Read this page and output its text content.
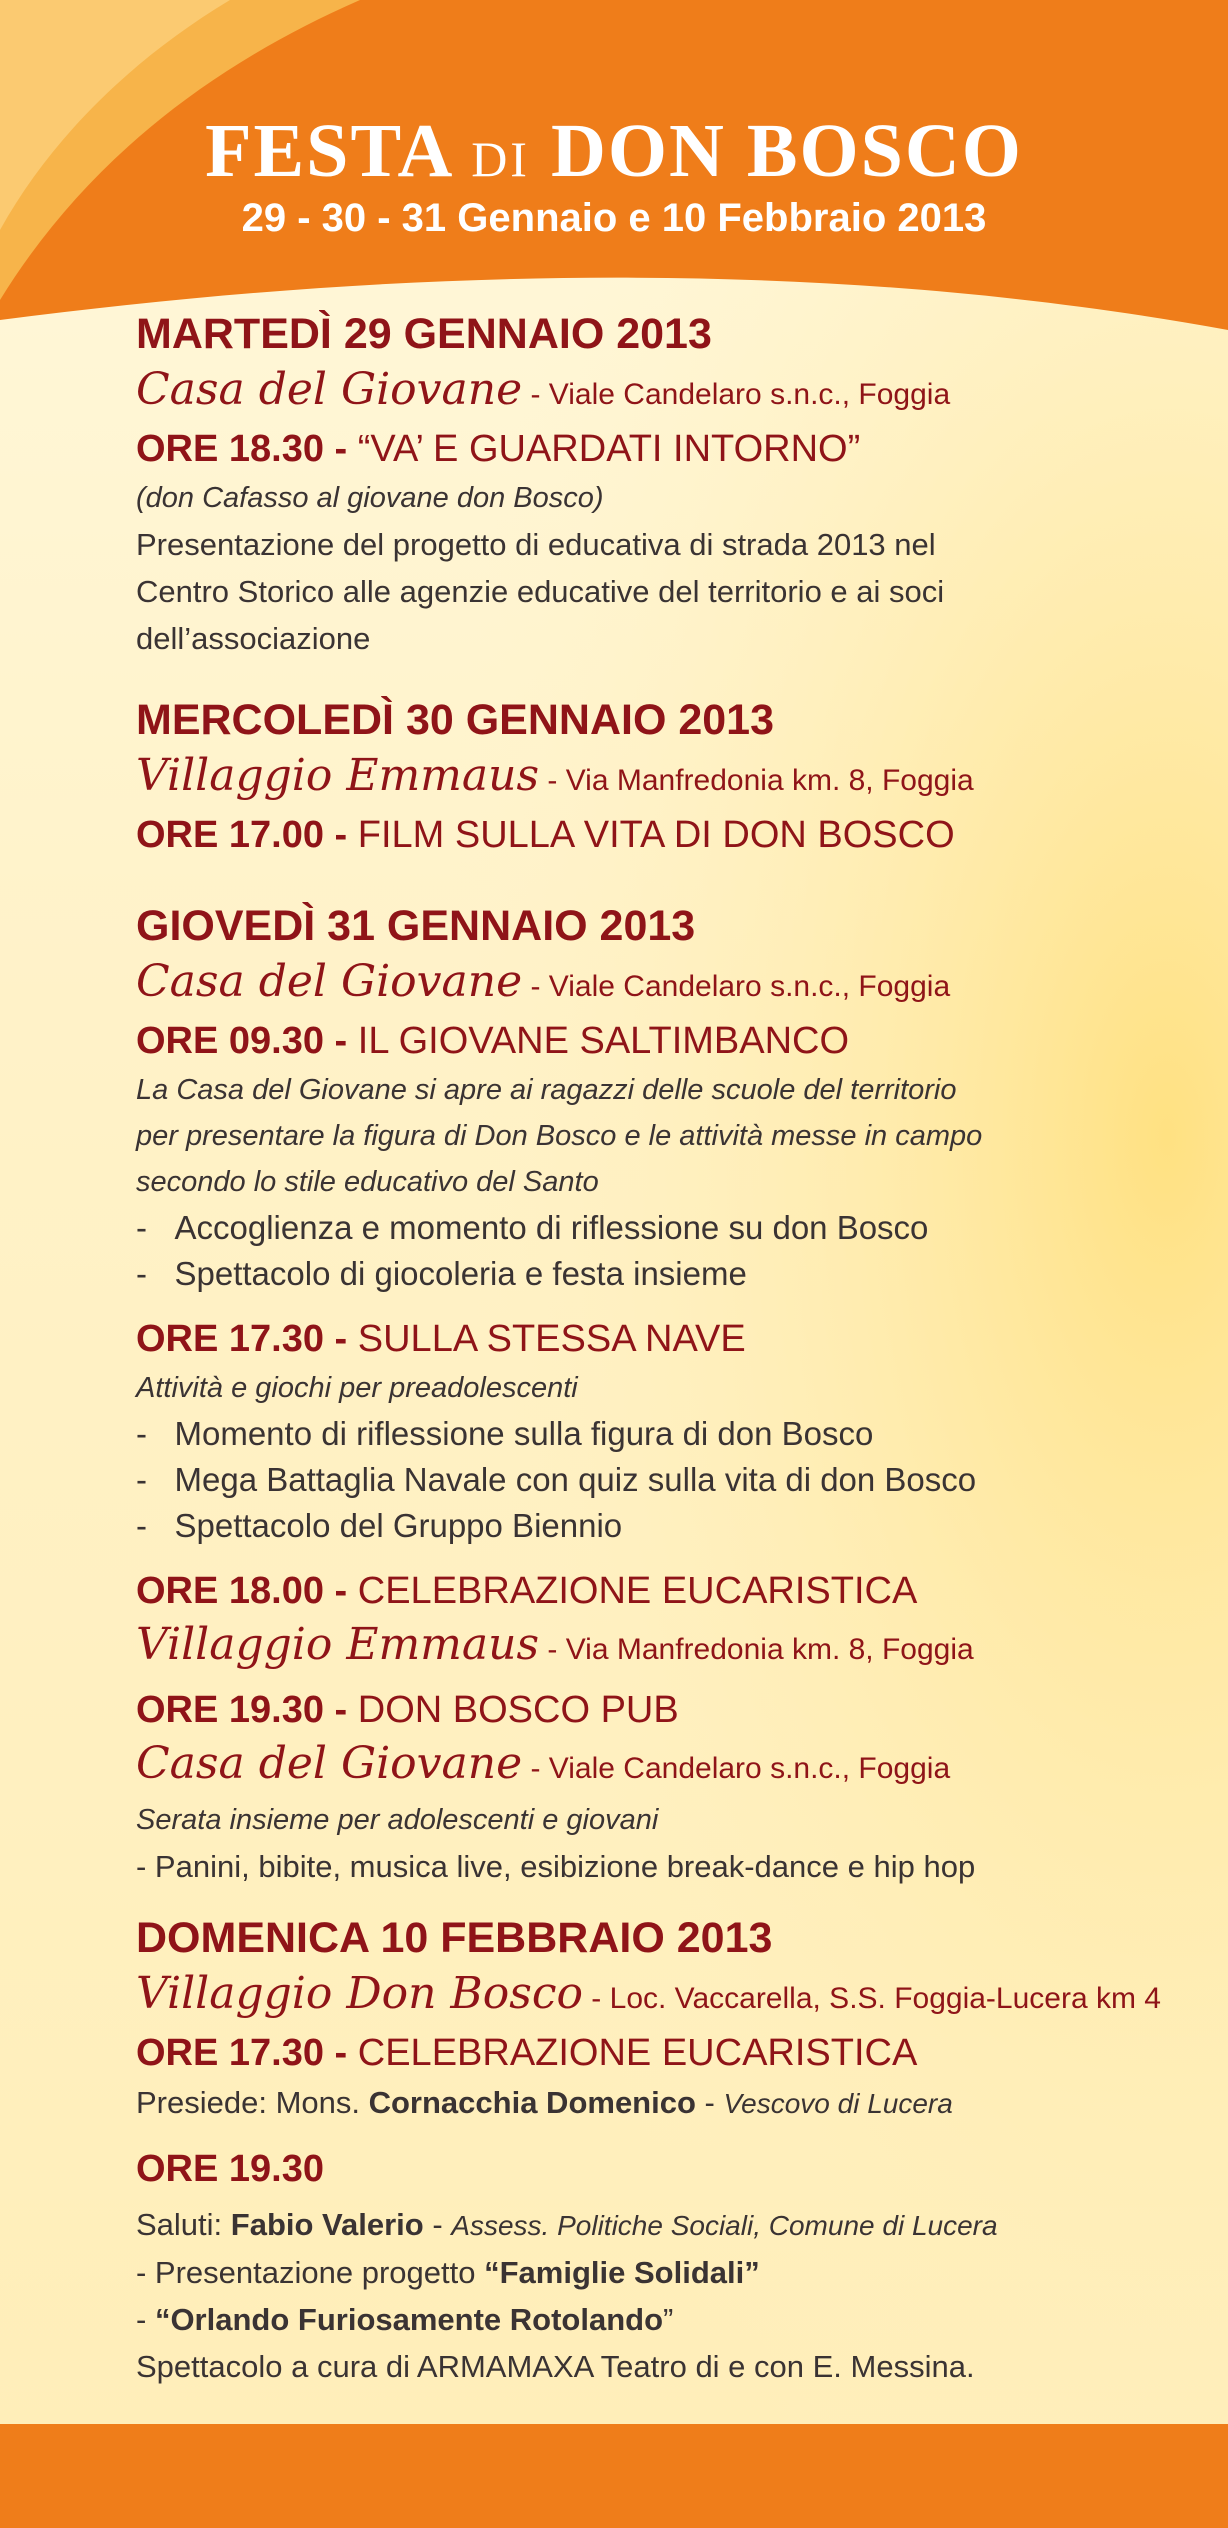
FESTA DI DON BOSCO
29 - 30 - 31 Gennaio e 10 Febbraio 2013
MARTEDÌ 29 GENNAIO 2013
Casa del Giovane - Viale Candelaro s.n.c., Foggia
ORE 18.30 - “VA’ E GUARDATI INTORNO”
(don Cafasso al giovane don Bosco)
Presentazione del progetto di educativa di strada 2013 nel
Centro Storico alle agenzie educative del territorio e ai soci
dell’associazione
MERCOLEDÌ 30 GENNAIO 2013
Villaggio Emmaus - Via Manfredonia km. 8, Foggia
ORE 17.00 - FILM SULLA VITA DI DON BOSCO
GIOVEDÌ 31 GENNAIO 2013
Casa del Giovane - Viale Candelaro s.n.c., Foggia
ORE 09.30 - IL GIOVANE SALTIMBANCO
La Casa del Giovane si apre ai ragazzi delle scuole del territorio
per presentare la figura di Don Bosco e le attività messe in campo
secondo lo stile educativo del Santo
-   Accoglienza e momento di riflessione su don Bosco
-   Spettacolo di giocoleria e festa insieme
ORE 17.30 - SULLA STESSA NAVE
Attività e giochi per preadolescenti
-   Momento di riflessione sulla figura di don Bosco
-   Mega Battaglia Navale con quiz sulla vita di don Bosco
-   Spettacolo del Gruppo Biennio
ORE 18.00 - CELEBRAZIONE EUCARISTICA
Villaggio Emmaus - Via Manfredonia km. 8, Foggia
ORE 19.30 - DON BOSCO PUB
Casa del Giovane - Viale Candelaro s.n.c., Foggia
Serata insieme per adolescenti e giovani
- Panini, bibite, musica live, esibizione break-dance e hip hop
DOMENICA 10 FEBBRAIO 2013
Villaggio Don Bosco - Loc. Vaccarella, S.S. Foggia-Lucera km 4
ORE 17.30 - CELEBRAZIONE EUCARISTICA
Presiede: Mons. Cornacchia Domenico - Vescovo di Lucera
ORE 19.30
Saluti: Fabio Valerio - Assess. Politiche Sociali, Comune di Lucera
- Presentazione progetto “Famiglie Solidali”
- “Orlando Furiosamente Rotolando”
Spettacolo a cura di ARMAMAXA Teatro di e con E. Messina.
